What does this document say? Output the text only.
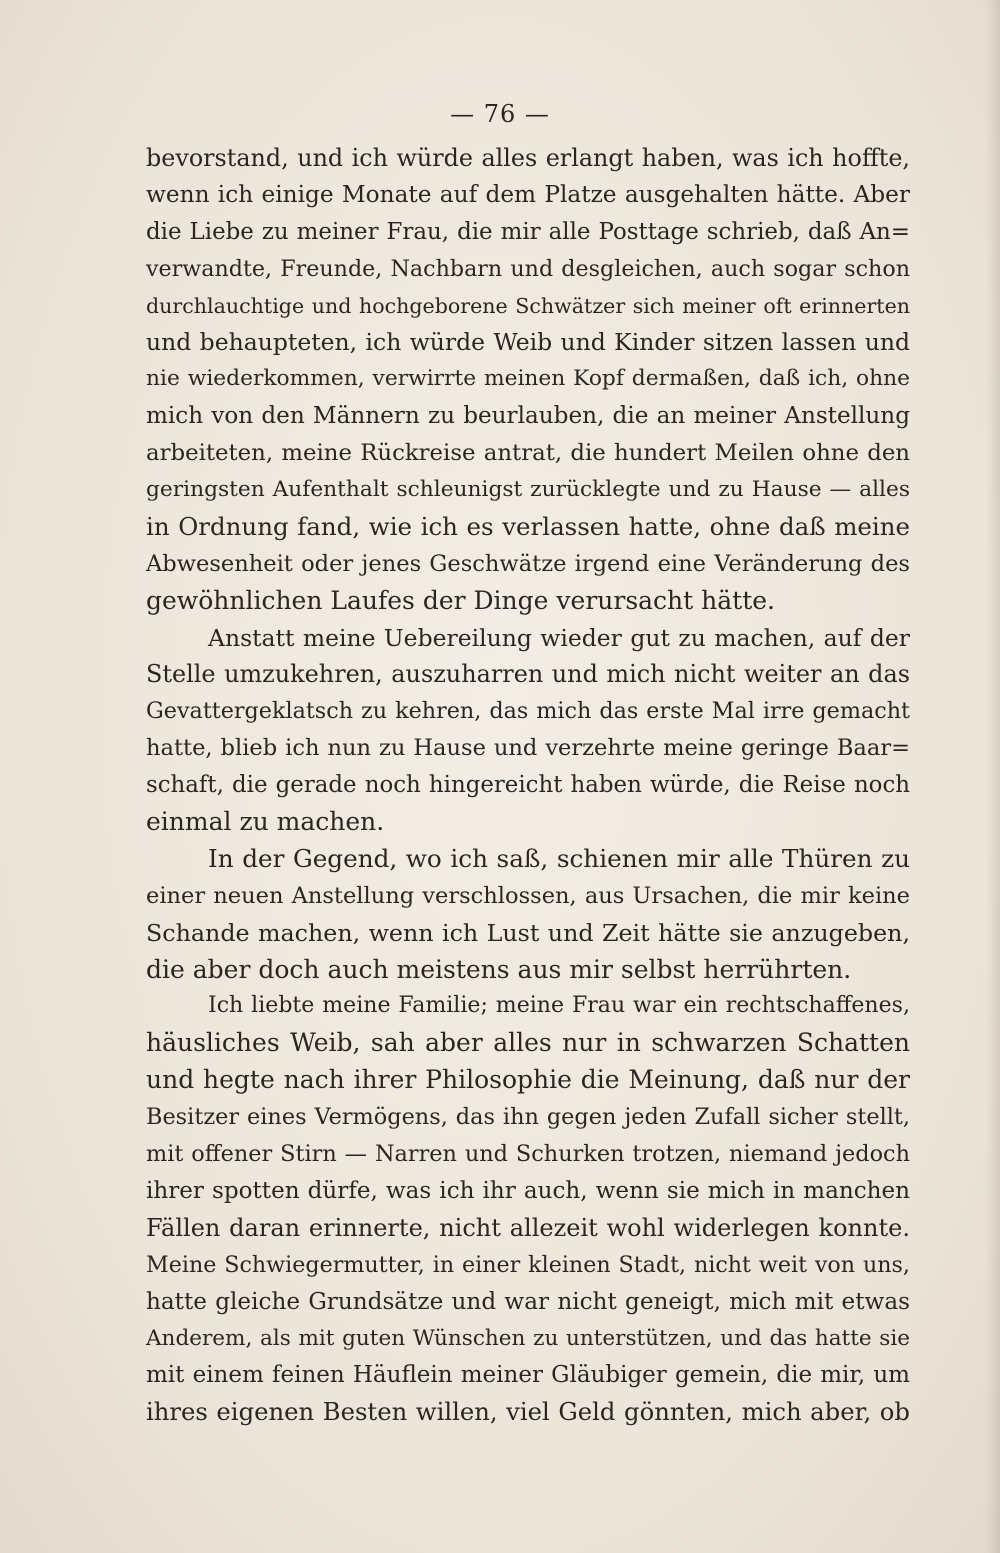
— 76 —
bevorstand, und ich würde alles erlangt haben, was ich hoffte,
wenn ich einige Monate auf dem Platze ausgehalten hätte. Aber
die Liebe zu meiner Frau, die mir alle Posttage schrieb, daß An=
verwandte, Freunde, Nachbarn und desgleichen, auch sogar schon
durchlauchtige und hochgeborene Schwätzer sich meiner oft erinnerten
und behaupteten, ich würde Weib und Kinder sitzen lassen und
nie wiederkommen, verwirrte meinen Kopf dermaßen, daß ich, ohne
mich von den Männern zu beurlauben, die an meiner Anstellung
arbeiteten, meine Rückreise antrat, die hundert Meilen ohne den
geringsten Aufenthalt schleunigst zurücklegte und zu Hause — alles
in Ordnung fand, wie ich es verlassen hatte, ohne daß meine
Abwesenheit oder jenes Geschwätze irgend eine Veränderung des
gewöhnlichen Laufes der Dinge verursacht hätte.
Anstatt meine Uebereilung wieder gut zu machen, auf der
Stelle umzukehren, auszuharren und mich nicht weiter an das
Gevattergeklatsch zu kehren, das mich das erste Mal irre gemacht
hatte, blieb ich nun zu Hause und verzehrte meine geringe Baar=
schaft, die gerade noch hingereicht haben würde, die Reise noch
einmal zu machen.
In der Gegend, wo ich saß, schienen mir alle Thüren zu
einer neuen Anstellung verschlossen, aus Ursachen, die mir keine
Schande machen, wenn ich Lust und Zeit hätte sie anzugeben,
die aber doch auch meistens aus mir selbst herrührten.
Ich liebte meine Familie; meine Frau war ein rechtschaffenes,
häusliches Weib, sah aber alles nur in schwarzen Schatten
und hegte nach ihrer Philosophie die Meinung, daß nur der
Besitzer eines Vermögens, das ihn gegen jeden Zufall sicher stellt,
mit offener Stirn — Narren und Schurken trotzen, niemand jedoch
ihrer spotten dürfe, was ich ihr auch, wenn sie mich in manchen
Fällen daran erinnerte, nicht allezeit wohl widerlegen konnte.
Meine Schwiegermutter, in einer kleinen Stadt, nicht weit von uns,
hatte gleiche Grundsätze und war nicht geneigt, mich mit etwas
Anderem, als mit guten Wünschen zu unterstützen, und das hatte sie
mit einem feinen Häuflein meiner Gläubiger gemein, die mir, um
ihres eigenen Besten willen, viel Geld gönnten, mich aber, ob
